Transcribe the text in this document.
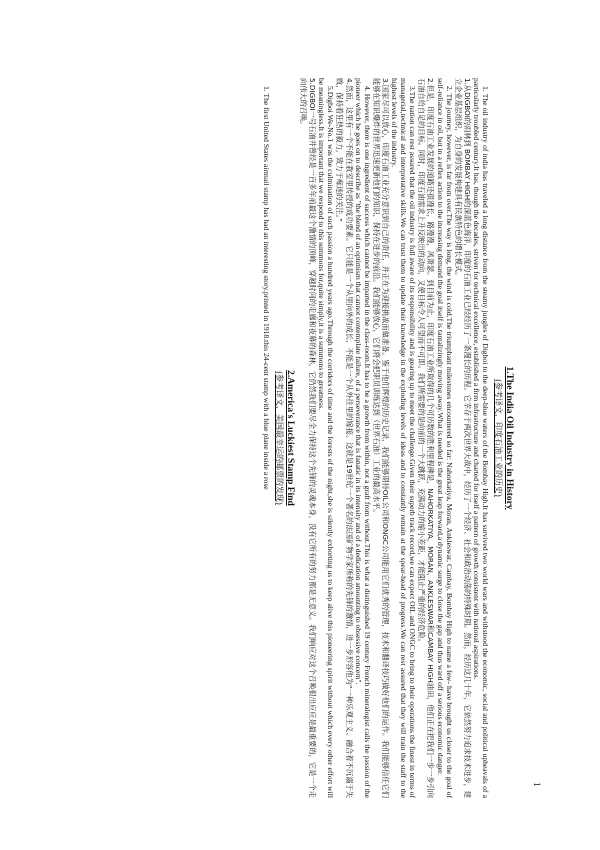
1
1.The India Oil Industry in History
(参考译文，印度石油工业的历史)

1. The oil industry of india has traveled a long distance from the steamy jungles of Digboi to the deep-blue waters of the Bombay High.It has survived two world wars and withstood the economic, social and political upheavals of a particularly troubled century.It has, though the decades, striven for technical excellence, established a firm infrastructure and charted for itself a pattern of growth consistent with national aspirations.

1.从DIGBOI的雨林到 BOMBAY HIGH的深蓝色海洋，印度的石油工业已经经历了一条漫长的历程。它幸存于两次世界大战中，经历了一个经济、社会和政治动荡的特殊时期。然而，经历这几十年，它依然努力追求技术进步，建立企业基层组织，为自身的发展构建具有民族特色的增长模式。

2. The journey, however, is far from over.The way is long, the wind is cold.The triumphant milestones encountered so far: Nahorkatiya, Moran, Ankleswar, Cambay, Bombay High to name a few- have brought us closer to the goal of self-reliance in oil, but in a reflex action to the increasing demand the goal itself is tantalizingly moving away.What is needed is the great leap forward,a dynamic surge to close the gap and thus ward off a serious economic danger.

2.但是，印度石油工业发展的道路还很漫长，路漫漫，风萧瑟。到目前为止，印度石油工业所取得的几个可历数的胜利里程碑是，NAHORKATIYA，MORAN，ANKLESWAR和CAMBAY HIGH油田，他们正在把我们一步一步引向石油自给自足的目标。同时，印度石油需求上升反映出的动向，又使目标令人可望而不可即。我们所需要的是向前的一个大跳跃，充满动力的缩小差距，才能阻止严重的经济危险。

3.The nation can rest assured that the oil industry is full aware of its responsibility and is gearing up to meet the challenge.Given their superb track record,we can expect OIL and ONGC to bring to their operations the finest in terms of managerial,technical and interpretative skills.We can trust them to update their knowledge in the exploding levels of ideas and to constantly remain at the spear-head of progress.We can rest assured that they will train the staff to the highest levels of the industry.

3.国家尽可以放心，印度石油工业充分意识到自己的责任，并正在为迎接挑战而做准备。鉴于他们辉煌的历史记录，我们能够期待OIL公司和ONGC公司能用它们优秀的管理，技术和翻译技巧做好他们的运作。我们能够信任它们能够在知识爆炸的世界迅速更新他们的知识，保持在进步的前沿。我们能够放心，它们将会把职员训练达到（世界石油）工业的最高水平。

4. However, there is one ingredient of success which cannot be imparted in the class-room.It has to be a growth from within, not a graft from without.This is what a distinguished 19 century French mineralogist calls the passion of the pioneer which he goes on to describe as "the blend of an optimism that cannot contemplate failure, of a perseverance that is fanatic in its intensity and of a dedication amounting to obsessive concern".

4.然而，这里有一个不能在教室里传授的成功要素。它只能是一个从里向外的成长，不能是一个从外往里的嫁接。这就是19世纪一个著名的法国矿物学家所称的先锋的激情，进一步形容他为“一种乐观主义、融合着不沉溺于失败，保持着狂热的毅力，致力于痴迷的关注。”

5.Digboi We-No.1 was the culmination of such passion a hundred years ago.Through the corridors of time and the forests of the night,she is silently exhorting us to keep alive this pioneering spirit without which every other effort will be meaningless.It is important that we respond to this summons for,quite simply,it is a summons to greatness.

5.DIGBOI一号石油井曾经是一百多年前最这个激情的顶峰，穿越时间的走廊和夜幕的森林，它仍然我们要尽全力保持这个先锋的灵魂本身，没有它所有的努力都是无意义。我们响应对这个召唤很出应应是最重要的，它是一个走向伟大的召唤。

2.America's Luckiest Stamp Find
(参考译文，美国最幸运的邮票的发现)

1. The first United States airmail stamp has had an interesting story.printed in 1918.this 24-cent stamp with a blue plane inside a rose
